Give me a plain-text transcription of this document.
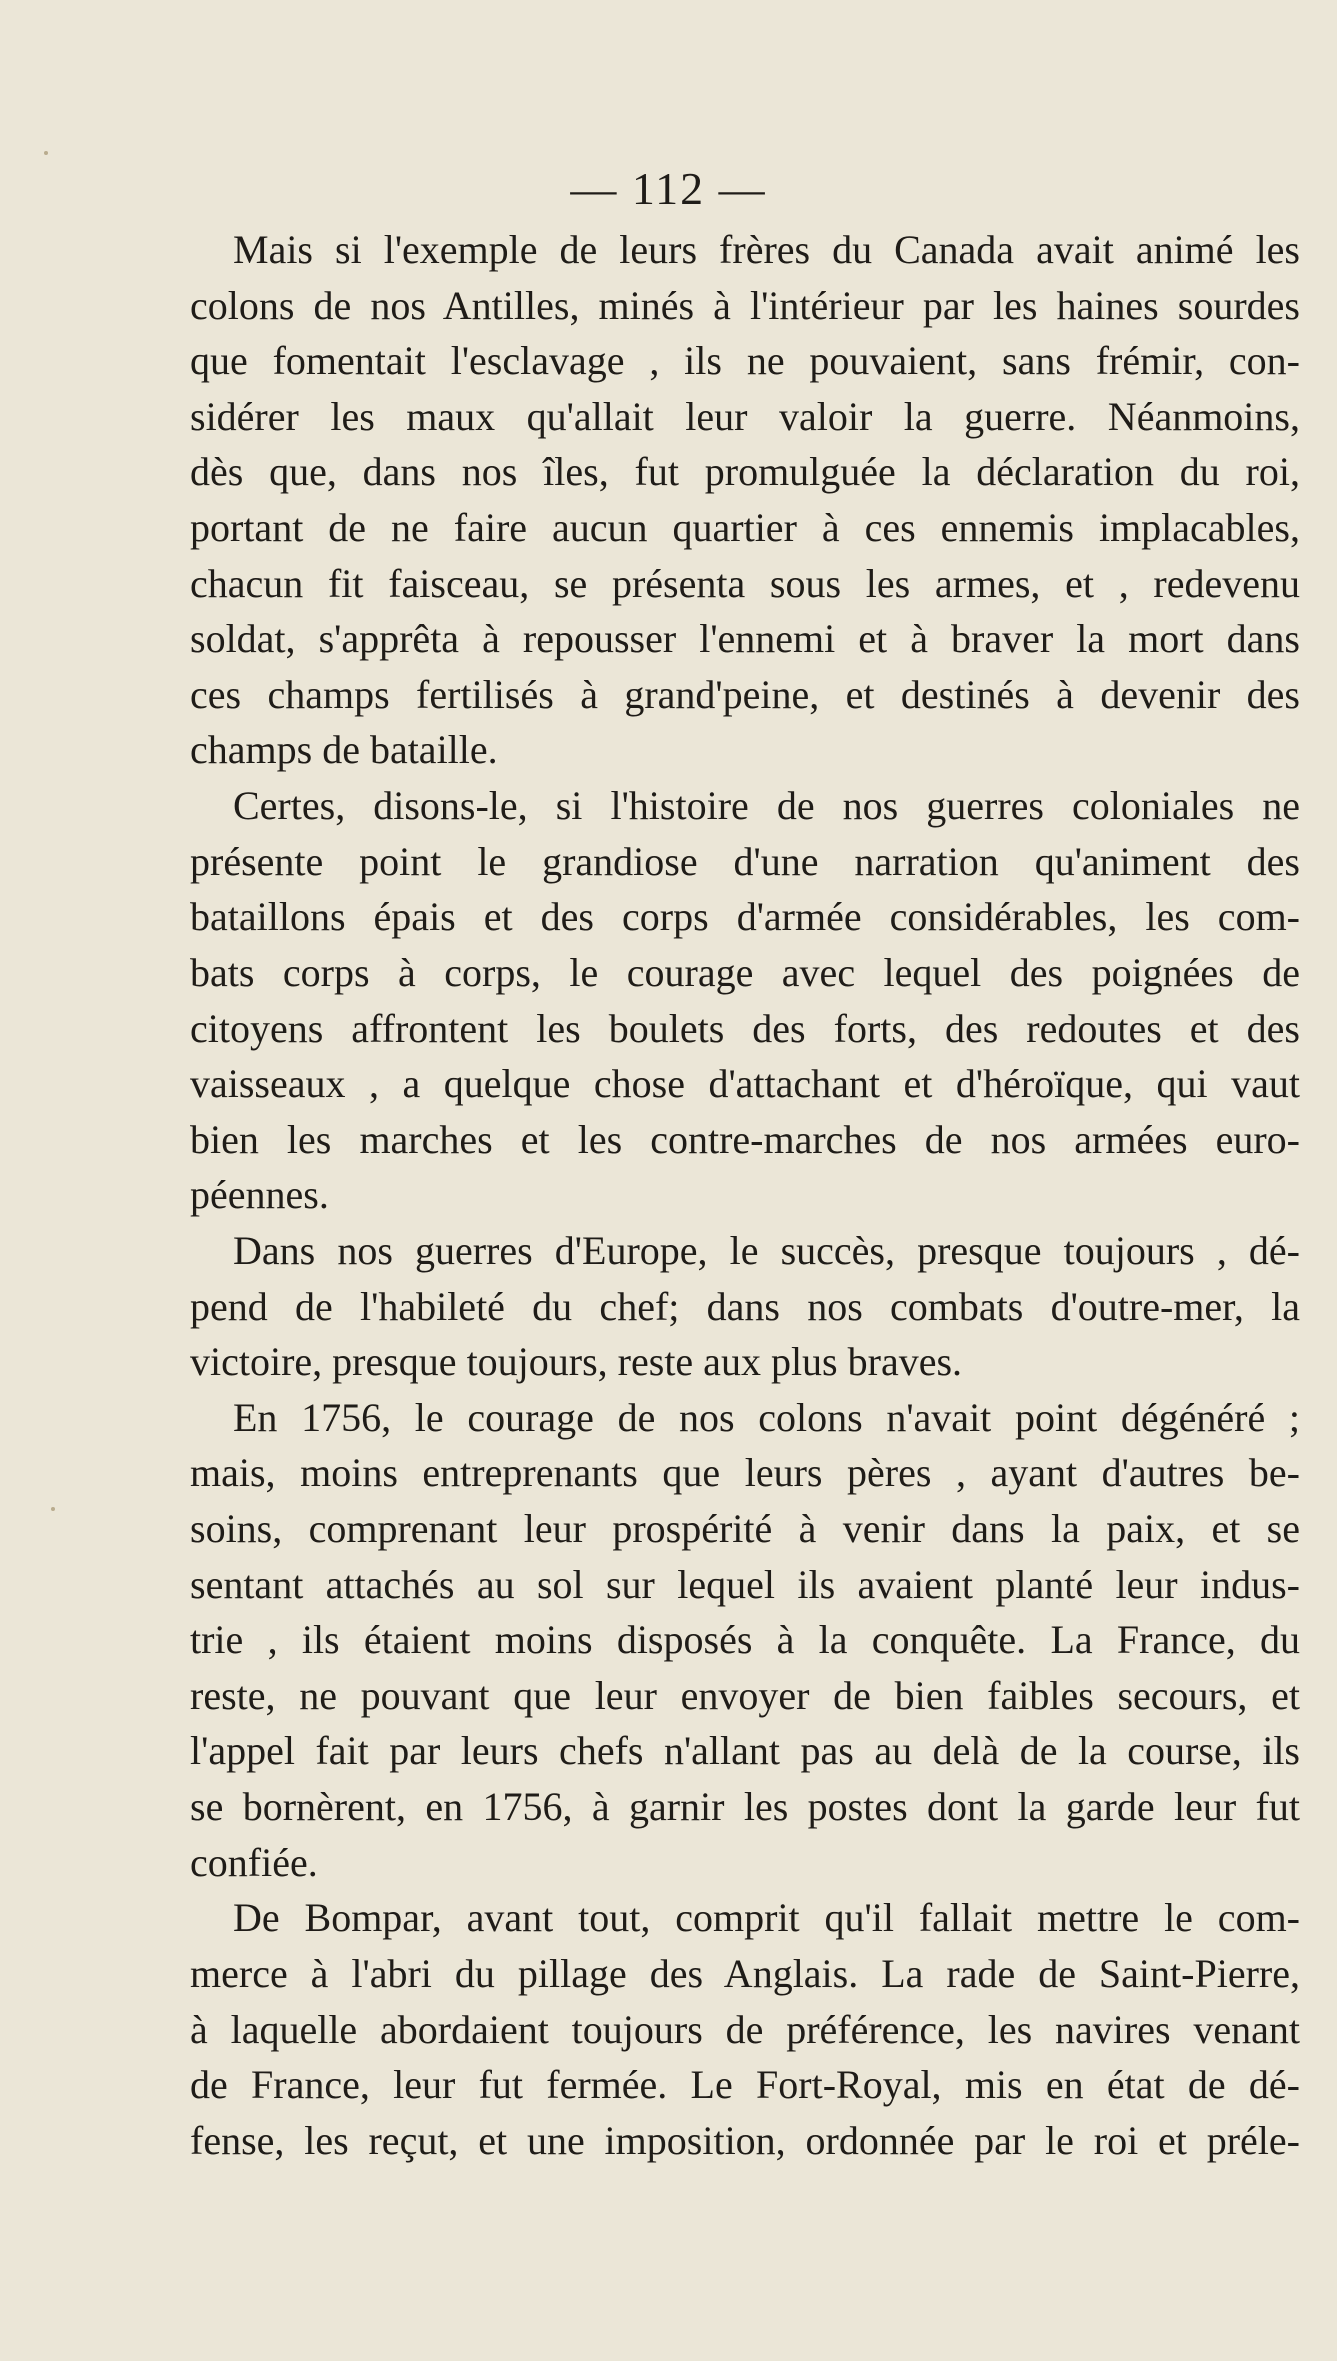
— 112 —
Mais si l'exemple de leurs frères du Canada avait animé les
colons de nos Antilles, minés à l'intérieur par les haines sourdes
que fomentait l'esclavage , ils ne pouvaient, sans frémir, con-
sidérer les maux qu'allait leur valoir la guerre. Néanmoins,
dès que, dans nos îles, fut promulguée la déclaration du roi,
portant de ne faire aucun quartier à ces ennemis implacables,
chacun fit faisceau, se présenta sous les armes, et , redevenu
soldat, s'apprêta à repousser l'ennemi et à braver la mort dans
ces champs fertilisés à grand'peine, et destinés à devenir des
champs de bataille.
Certes, disons-le, si l'histoire de nos guerres coloniales ne
présente point le grandiose d'une narration qu'animent des
bataillons épais et des corps d'armée considérables, les com-
bats corps à corps, le courage avec lequel des poignées de
citoyens affrontent les boulets des forts, des redoutes et des
vaisseaux , a quelque chose d'attachant et d'héroïque, qui vaut
bien les marches et les contre-marches de nos armées euro-
péennes.
Dans nos guerres d'Europe, le succès, presque toujours , dé-
pend de l'habileté du chef; dans nos combats d'outre-mer, la
victoire, presque toujours, reste aux plus braves.
En 1756, le courage de nos colons n'avait point dégénéré ;
mais, moins entreprenants que leurs pères , ayant d'autres be-
soins, comprenant leur prospérité à venir dans la paix, et se
sentant attachés au sol sur lequel ils avaient planté leur indus-
trie , ils étaient moins disposés à la conquête. La France, du
reste, ne pouvant que leur envoyer de bien faibles secours, et
l'appel fait par leurs chefs n'allant pas au delà de la course, ils
se bornèrent, en 1756, à garnir les postes dont la garde leur fut
confiée.
De Bompar, avant tout, comprit qu'il fallait mettre le com-
merce à l'abri du pillage des Anglais. La rade de Saint-Pierre,
à laquelle abordaient toujours de préférence, les navires venant
de France, leur fut fermée. Le Fort-Royal, mis en état de dé-
fense, les reçut, et une imposition, ordonnée par le roi et préle-
